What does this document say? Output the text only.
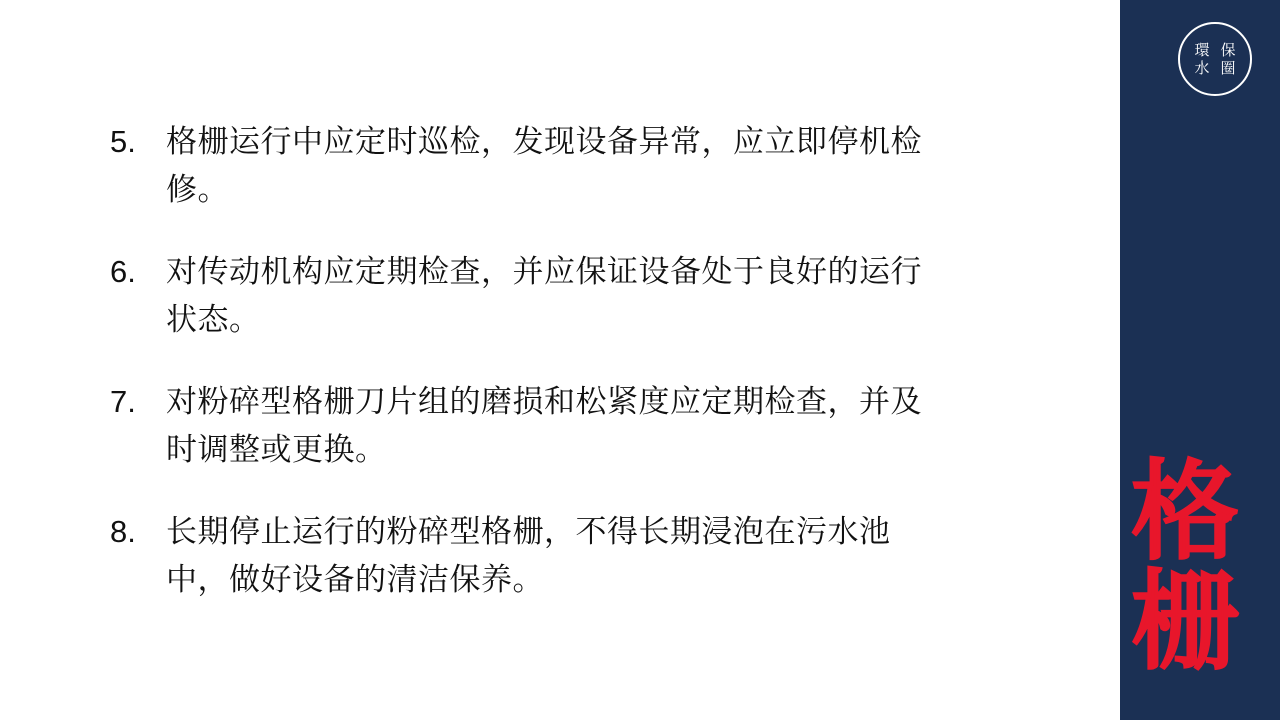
環 保
水 圈
格
栅
5. 格栅运行中应定时巡检，发现设备异常，应立即停机检修。
6. 对传动机构应定期检查，并应保证设备处于良好的运行状态。
7. 对粉碎型格栅刀片组的磨损和松紧度应定期检查，并及时调整或更换。
8. 长期停止运行的粉碎型格栅，不得长期浸泡在污水池中，做好设备的清洁保养。
